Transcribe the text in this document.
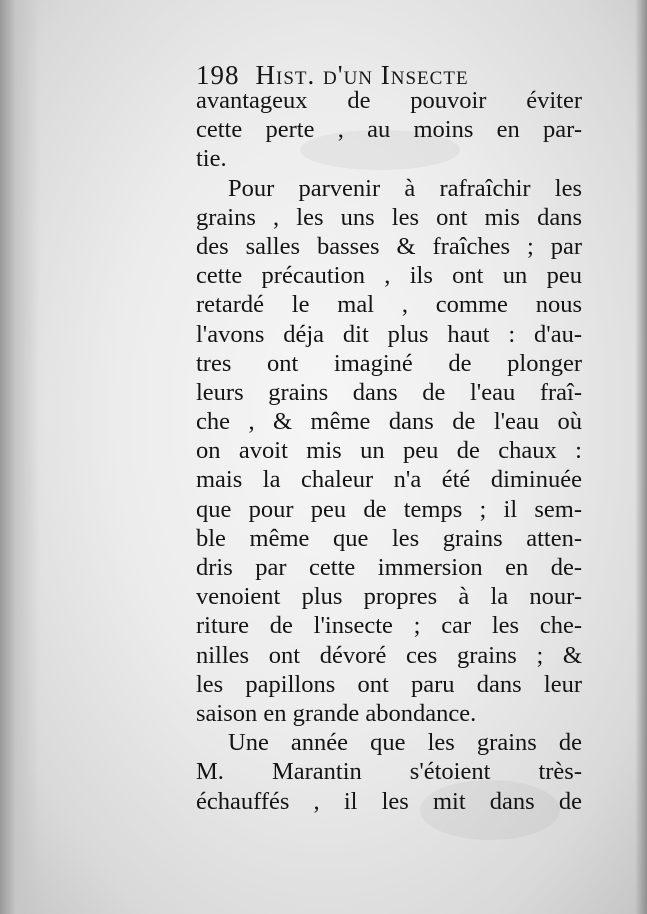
198 Hist. d'un Insecte
avantageux de pouvoir éviter
cette perte , au moins en par-
tie.
Pour parvenir à rafraîchir les
grains , les uns les ont mis dans
des salles basses & fraîches ; par
cette précaution , ils ont un peu
retardé le mal , comme nous
l'avons déja dit plus haut : d'au-
tres ont imaginé de plonger
leurs grains dans de l'eau fraî-
che , & même dans de l'eau où
on avoit mis un peu de chaux :
mais la chaleur n'a été diminuée
que pour peu de temps ; il sem-
ble même que les grains atten-
dris par cette immersion en de-
venoient plus propres à la nour-
riture de l'insecte ; car les che-
nilles ont dévoré ces grains ; &
les papillons ont paru dans leur
saison en grande abondance.
Une année que les grains de
M. Marantin s'étoient très-
échauffés , il les mit dans de
